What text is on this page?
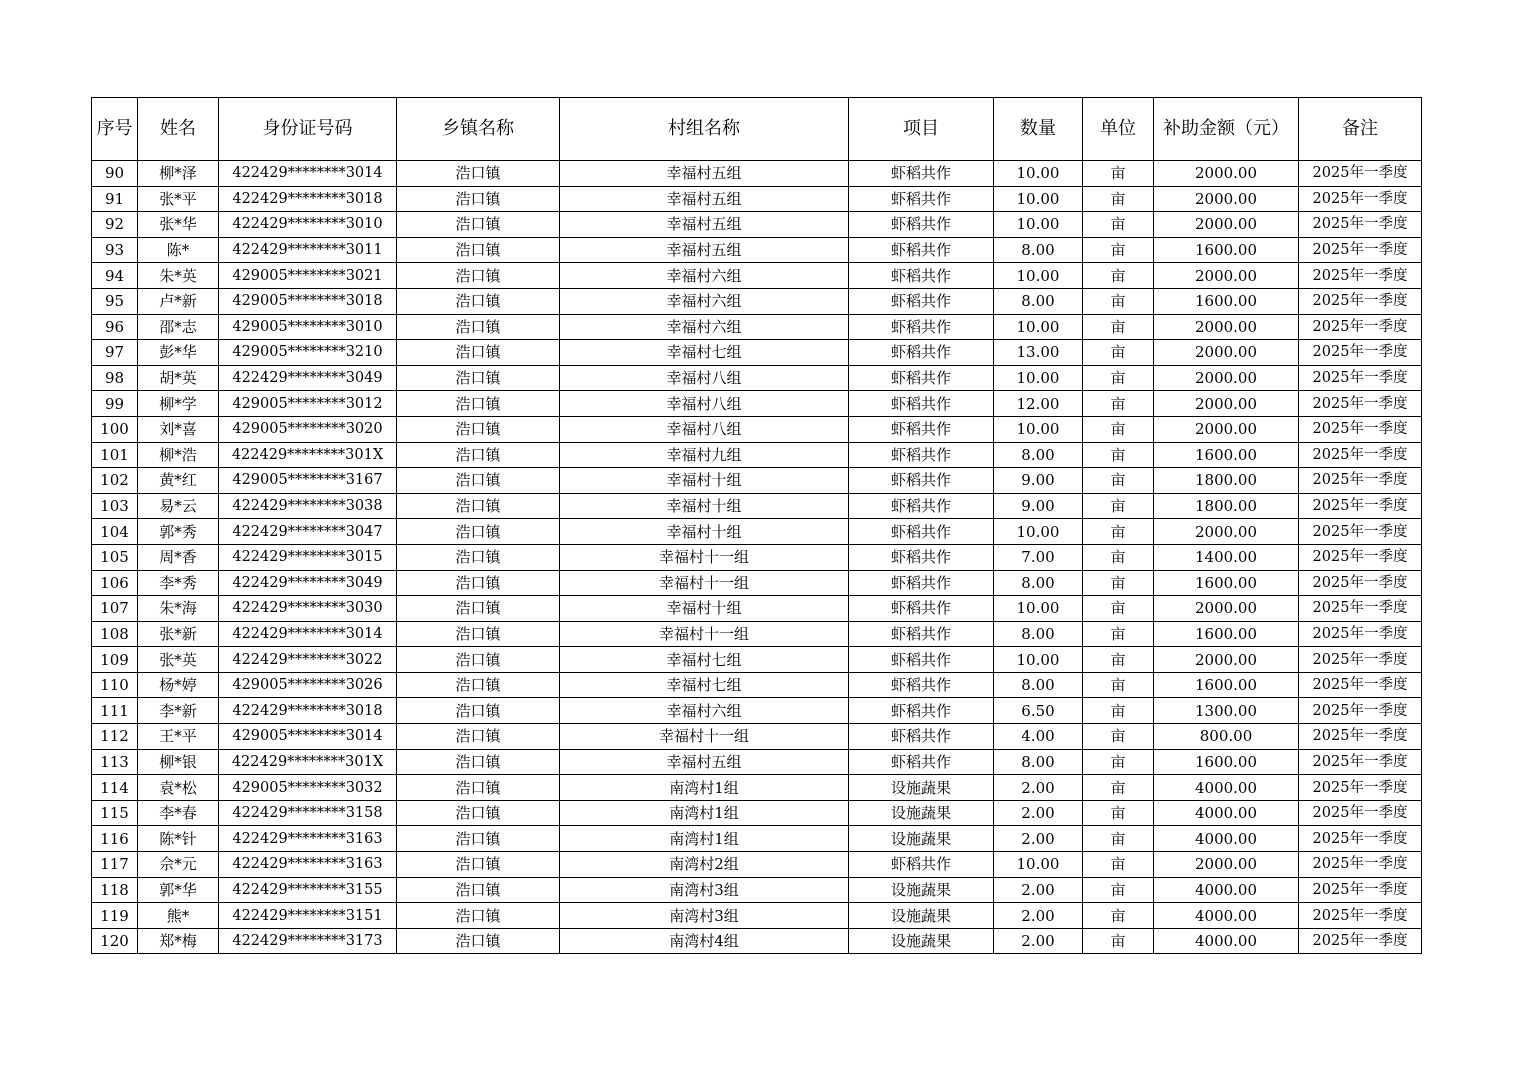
序号	姓名	身份证号码	乡镇名称	村组名称	项目	数量	单位	补助金额（元）	备注
90	柳*泽	422429********3014	浩口镇	幸福村五组	虾稻共作	10.00	亩	2000.00	2025年一季度
91	张*平	422429********3018	浩口镇	幸福村五组	虾稻共作	10.00	亩	2000.00	2025年一季度
92	张*华	422429********3010	浩口镇	幸福村五组	虾稻共作	10.00	亩	2000.00	2025年一季度
93	陈*	422429********3011	浩口镇	幸福村五组	虾稻共作	8.00	亩	1600.00	2025年一季度
94	朱*英	429005********3021	浩口镇	幸福村六组	虾稻共作	10.00	亩	2000.00	2025年一季度
95	卢*新	429005********3018	浩口镇	幸福村六组	虾稻共作	8.00	亩	1600.00	2025年一季度
96	邵*志	429005********3010	浩口镇	幸福村六组	虾稻共作	10.00	亩	2000.00	2025年一季度
97	彭*华	429005********3210	浩口镇	幸福村七组	虾稻共作	13.00	亩	2000.00	2025年一季度
98	胡*英	422429********3049	浩口镇	幸福村八组	虾稻共作	10.00	亩	2000.00	2025年一季度
99	柳*学	429005********3012	浩口镇	幸福村八组	虾稻共作	12.00	亩	2000.00	2025年一季度
100	刘*喜	429005********3020	浩口镇	幸福村八组	虾稻共作	10.00	亩	2000.00	2025年一季度
101	柳*浩	422429********301X	浩口镇	幸福村九组	虾稻共作	8.00	亩	1600.00	2025年一季度
102	黄*红	429005********3167	浩口镇	幸福村十组	虾稻共作	9.00	亩	1800.00	2025年一季度
103	易*云	422429********3038	浩口镇	幸福村十组	虾稻共作	9.00	亩	1800.00	2025年一季度
104	郭*秀	422429********3047	浩口镇	幸福村十组	虾稻共作	10.00	亩	2000.00	2025年一季度
105	周*香	422429********3015	浩口镇	幸福村十一组	虾稻共作	7.00	亩	1400.00	2025年一季度
106	李*秀	422429********3049	浩口镇	幸福村十一组	虾稻共作	8.00	亩	1600.00	2025年一季度
107	朱*海	422429********3030	浩口镇	幸福村十组	虾稻共作	10.00	亩	2000.00	2025年一季度
108	张*新	422429********3014	浩口镇	幸福村十一组	虾稻共作	8.00	亩	1600.00	2025年一季度
109	张*英	422429********3022	浩口镇	幸福村七组	虾稻共作	10.00	亩	2000.00	2025年一季度
110	杨*婷	429005********3026	浩口镇	幸福村七组	虾稻共作	8.00	亩	1600.00	2025年一季度
111	李*新	422429********3018	浩口镇	幸福村六组	虾稻共作	6.50	亩	1300.00	2025年一季度
112	王*平	429005********3014	浩口镇	幸福村十一组	虾稻共作	4.00	亩	800.00	2025年一季度
113	柳*银	422429********301X	浩口镇	幸福村五组	虾稻共作	8.00	亩	1600.00	2025年一季度
114	袁*松	429005********3032	浩口镇	南湾村1组	设施蔬果	2.00	亩	4000.00	2025年一季度
115	李*春	422429********3158	浩口镇	南湾村1组	设施蔬果	2.00	亩	4000.00	2025年一季度
116	陈*针	422429********3163	浩口镇	南湾村1组	设施蔬果	2.00	亩	4000.00	2025年一季度
117	佘*元	422429********3163	浩口镇	南湾村2组	虾稻共作	10.00	亩	2000.00	2025年一季度
118	郭*华	422429********3155	浩口镇	南湾村3组	设施蔬果	2.00	亩	4000.00	2025年一季度
119	熊*	422429********3151	浩口镇	南湾村3组	设施蔬果	2.00	亩	4000.00	2025年一季度
120	郑*梅	422429********3173	浩口镇	南湾村4组	设施蔬果	2.00	亩	4000.00	2025年一季度
